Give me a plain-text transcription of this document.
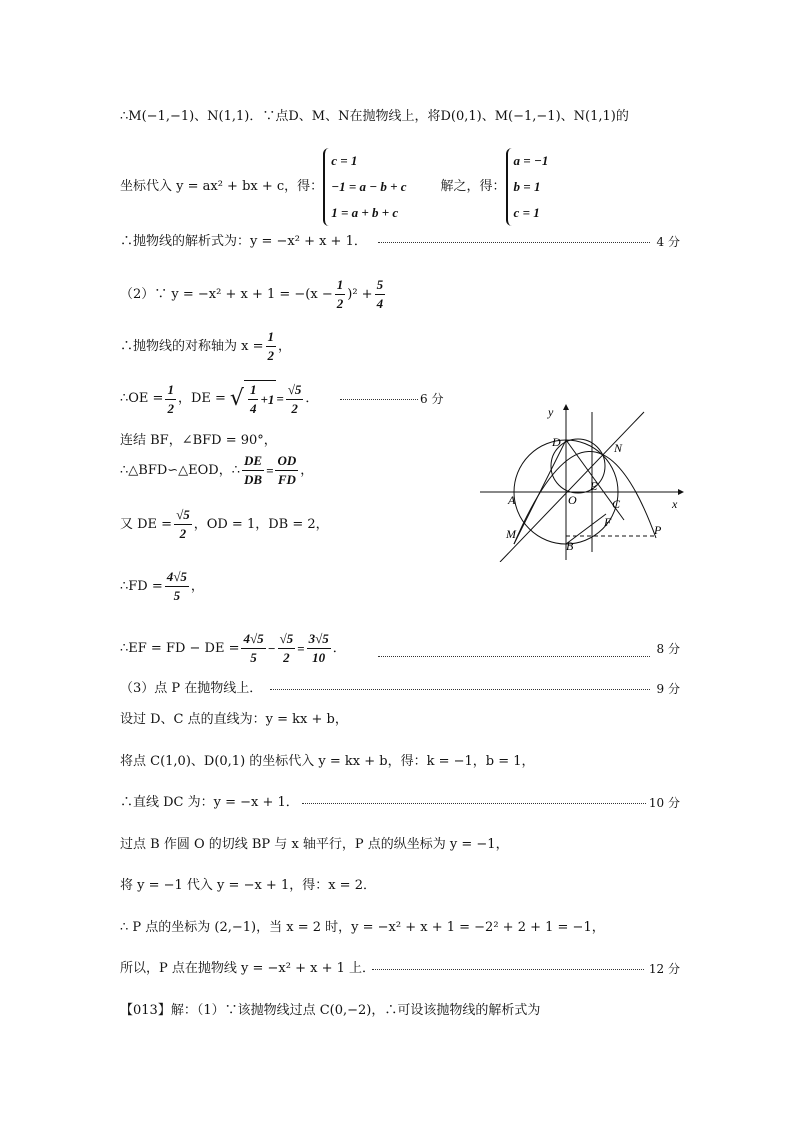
∴M(−1,−1)、N(1,1)．∵点D、M、N在抛物线上，将D(0,1)、M(−1,−1)、N(1,1)的
坐标代入 y = ax² + bx + c，得：
c = 1
−1 = a − b + c
1 = a + b + c
解之，得：
a = −1
b = 1
c = 1
∴抛物线的解析式为：y = −x² + x + 1．	4 分
（2）∵ $y = -x^2 + x + 1 = -(x - \frac{1}{2} )^2 + \frac{5}{4}$
∴抛物线的对称轴为 $x = \frac{1}{2}$ ，
∴OE = $\frac{1}{2}$ ，DE = √ $\frac{1}{4} +1 = \frac{√5}{2}$ ．	6 分
连结 BF，∠BFD = 90°，
∴△BFD∽△EOD，∴ $\frac{DE}{DB} = \frac{OD}{FD}$ ，
又 DE = $\frac{√5}{2}$ ，OD = 1，DB = 2，
∴FD = $\frac{4√5}{5}$ ，
∴EF = FD − DE = $\frac{4√5}{5} - \frac{√5}{2} = \frac{3√5}{10}$ ．	8 分
（3）点 P 在抛物线上．	9 分
设过 D、C 点的直线为：y = kx + b，
将点 C(1,0)、D(0,1) 的坐标代入 y = kx + b，得：k = −1，b = 1，
∴直线 DC 为：y = −x + 1．	10 分
过点 B 作圆 O 的切线 BP 与 x 轴平行，P 点的纵坐标为 y = −1，
将 y = −1 代入 y = −x + 1，得：x = 2．
∴ P 点的坐标为 (2,−1)，当 x = 2 时，y = −x² + x + 1 = −2² + 2 + 1 = −1，
所以，P 点在抛物线 y = −x² + x + 1 上．	12 分
【013】解：（1）∵该抛物线过点 C(0,−2)，∴可设该抛物线的解析式为
y
x
D	N
E
A	O	C
F
M
B
P
